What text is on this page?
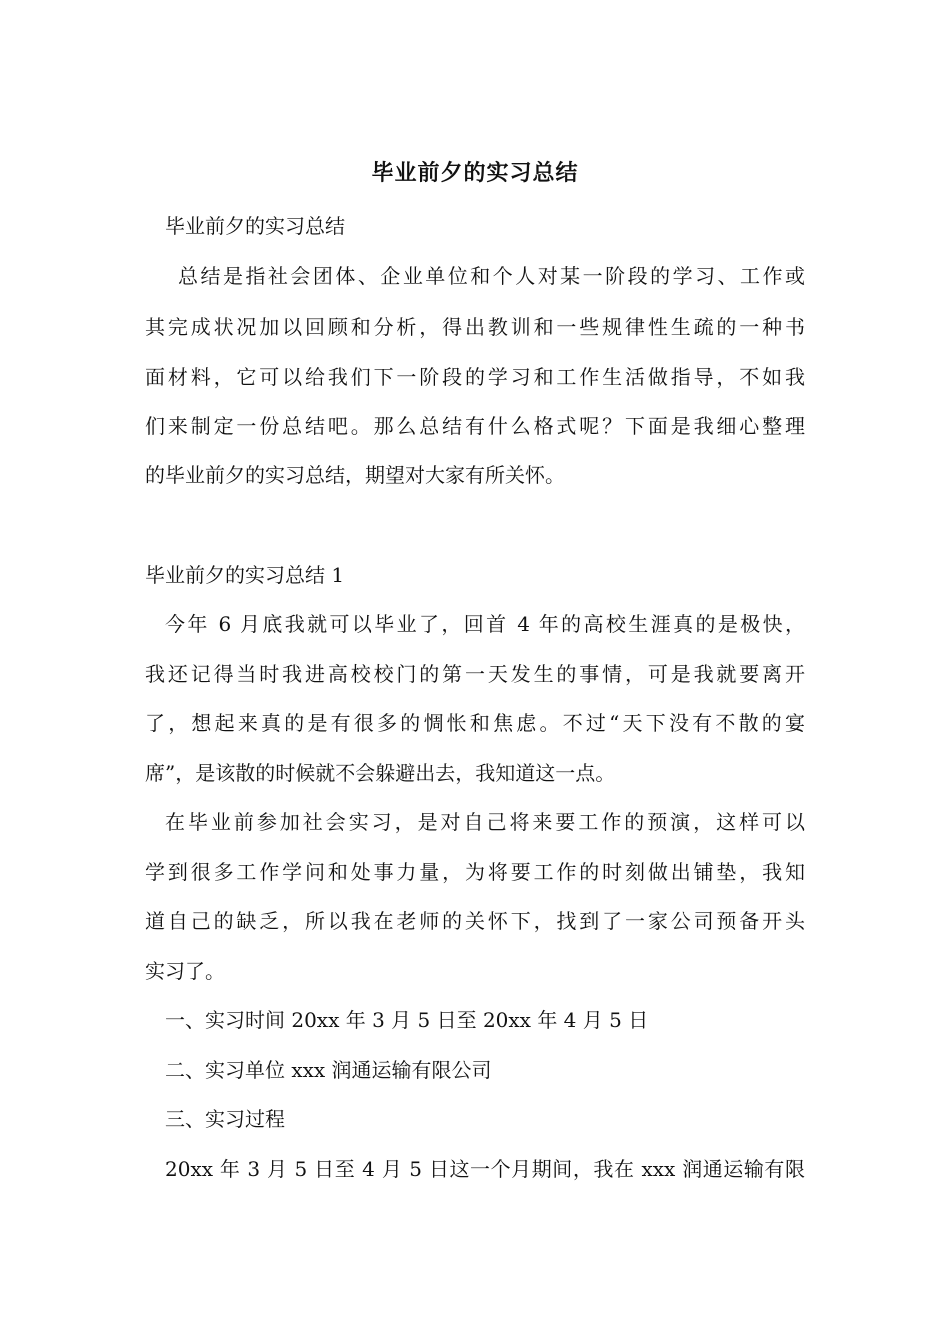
毕业前夕的实习总结
毕业前夕的实习总结
总结是指社会团体、企业单位和个人对某一阶段的学习、工作或
其完成状况加以回顾和分析，得出教训和一些规律性生疏的一种书
面材料，它可以给我们下一阶段的学习和工作生活做指导，不如我
们来制定一份总结吧。那么总结有什么格式呢？下面是我细心整理
的毕业前夕的实习总结，期望对大家有所关怀。
毕业前夕的实习总结 1
今年 6 月底我就可以毕业了，回首 4 年的高校生涯真的是极快，
我还记得当时我进高校校门的第一天发生的事情，可是我就要离开
了，想起来真的是有很多的惆怅和焦虑。不过“天下没有不散的宴
席”，是该散的时候就不会躲避出去，我知道这一点。
在毕业前参加社会实习，是对自己将来要工作的预演，这样可以
学到很多工作学问和处事力量，为将要工作的时刻做出铺垫，我知
道自己的缺乏，所以我在老师的关怀下，找到了一家公司预备开头
实习了。
一、实习时间 20xx 年 3 月 5 日至 20xx 年 4 月 5 日
二、实习单位 xxx 润通运输有限公司
三、实习过程
20xx 年 3 月 5 日至 4 月 5 日这一个月期间，我在 xxx 润通运输有限
